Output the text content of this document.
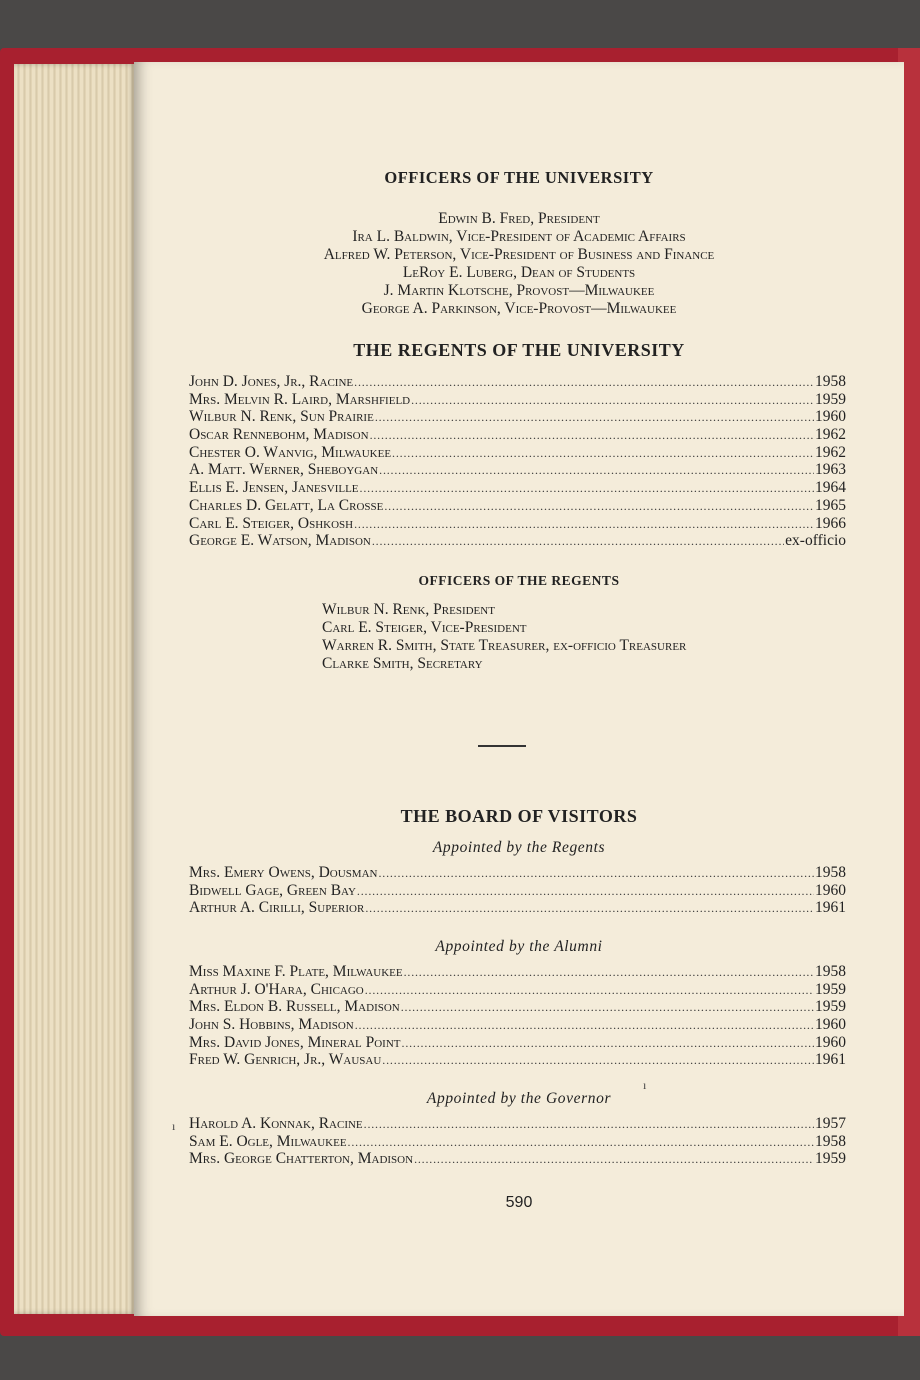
OFFICERS OF THE UNIVERSITY
Edwin B. Fred, President
Ira L. Baldwin, Vice-President of Academic Affairs
Alfred W. Peterson, Vice-President of Business and Finance
LeRoy E. Luberg, Dean of Students
J. Martin Klotsche, Provost—Milwaukee
George A. Parkinson, Vice-Provost—Milwaukee
THE REGENTS OF THE UNIVERSITY
John D. Jones, Jr., Racine . . .	1958
Mrs. Melvin R. Laird, Marshfield . . .	1959
Wilbur N. Renk, Sun Prairie . . .	1960
Oscar Rennebohm, Madison . . .	1962
Chester O. Wanvig, Milwaukee . . .	1962
A. Matt. Werner, Sheboygan . . .	1963
Ellis E. Jensen, Janesville . . .	1964
Charles D. Gelatt, La Crosse . . .	1965
Carl E. Steiger, Oshkosh . . .	1966
George E. Watson, Madison . . .	ex-officio
OFFICERS OF THE REGENTS
Wilbur N. Renk, President
Carl E. Steiger, Vice-President
Warren R. Smith, State Treasurer, ex-officio Treasurer
Clarke Smith, Secretary
THE BOARD OF VISITORS
Appointed by the Regents
Mrs. Emery Owens, Dousman . . .	1958
Bidwell Gage, Green Bay . . .	1960
Arthur A. Cirilli, Superior . . .	1961
Appointed by the Alumni
Miss Maxine F. Plate, Milwaukee . . .	1958
Arthur J. O'Hara, Chicago . . .	1959
Mrs. Eldon B. Russell, Madison . . .	1959
John S. Hobbins, Madison . . .	1960
Mrs. David Jones, Mineral Point . . .	1960
Fred W. Genrich, Jr., Wausau . . .	1961
ı
Appointed by the Governor
ı Harold A. Konnak, Racine . . .	1957
Sam E. Ogle, Milwaukee . . .	1958
Mrs. George Chatterton, Madison . . .	1959
590
